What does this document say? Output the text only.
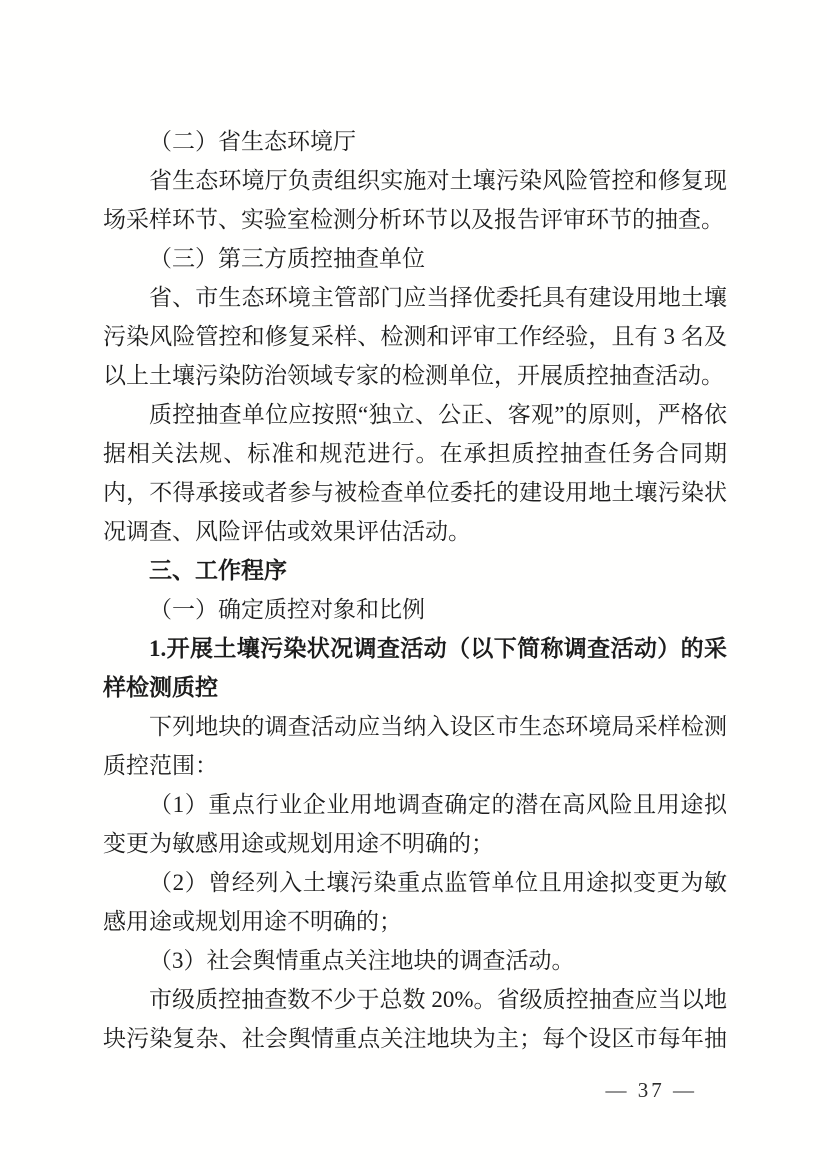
（二）省生态环境厅

省生态环境厅负责组织实施对土壤污染风险管控和修复现场采样环节、实验室检测分析环节以及报告评审环节的抽查。

（三）第三方质控抽查单位

省、市生态环境主管部门应当择优委托具有建设用地土壤污染风险管控和修复采样、检测和评审工作经验，且有 3 名及以上土壤污染防治领域专家的检测单位，开展质控抽查活动。

质控抽查单位应按照“独立、公正、客观”的原则，严格依据相关法规、标准和规范进行。在承担质控抽查任务合同期内，不得承接或者参与被检查单位委托的建设用地土壤污染状况调查、风险评估或效果评估活动。

三、工作程序

（一）确定质控对象和比例

1.开展土壤污染状况调查活动（以下简称调查活动）的采样检测质控

下列地块的调查活动应当纳入设区市生态环境局采样检测质控范围：

（1）重点行业企业用地调查确定的潜在高风险且用途拟变更为敏感用途或规划用途不明确的；

（2）曾经列入土壤污染重点监管单位且用途拟变更为敏感用途或规划用途不明确的；

（3）社会舆情重点关注地块的调查活动。

市级质控抽查数不少于总数 20%。省级质控抽查应当以地块污染复杂、社会舆情重点关注地块为主；每个设区市每年抽

— 37 —
